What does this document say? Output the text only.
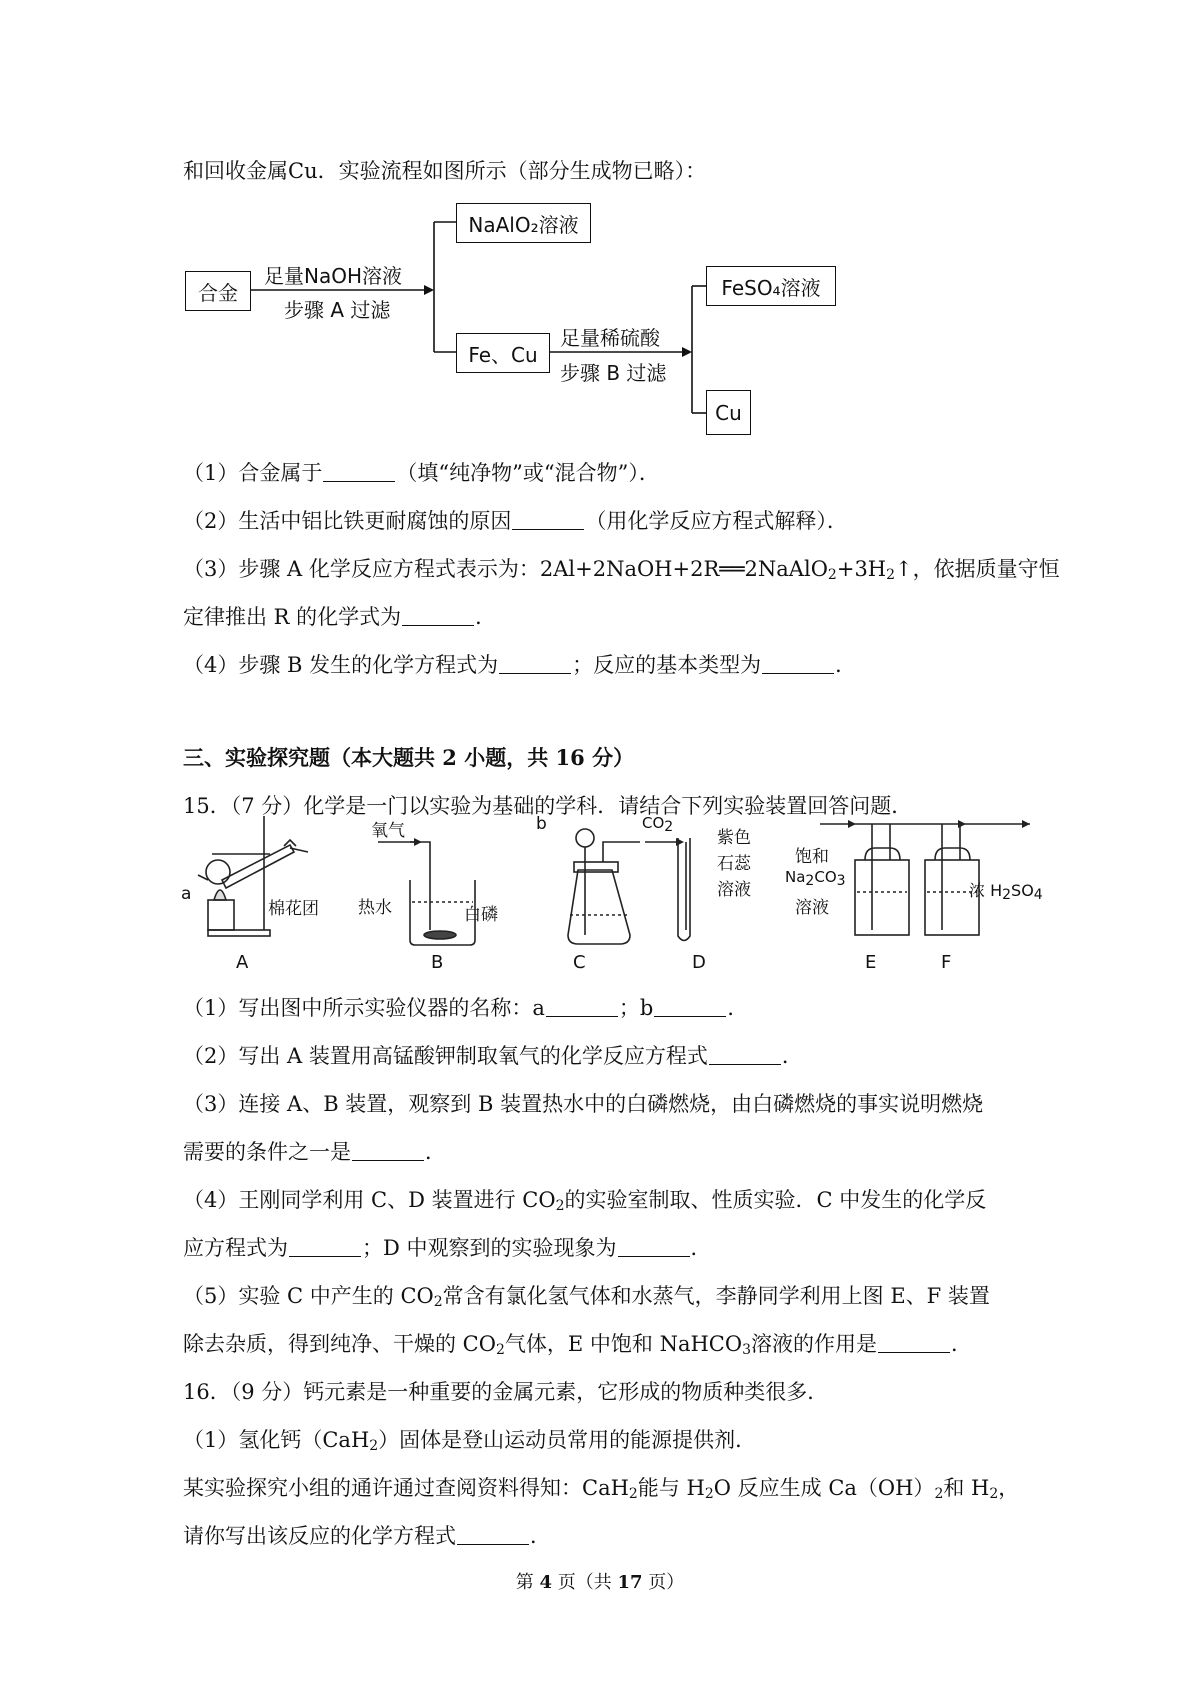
和回收金属Cu．实验流程如图所示（部分生成物已略）：
合金
足量NaOH溶液
步骤 A 过滤
NaAlO₂溶液
Fe、Cu
足量稀硫酸
步骤 B 过滤
FeSO₄溶液
Cu
（1）合金属于	（填“纯净物”或“混合物”）．
（2）生活中铝比铁更耐腐蚀的原因	（用化学反应方程式解释）．
（3）步骤 A 化学反应方程式表示为：$2Al+2NaOH+2R══2NaAlO_2+3H_2↑$，依据质量守恒
定律推出 R 的化学式为	．
（4）步骤 B 发生的化学方程式为	；反应的基本类型为	．
三、实验探究题（本大题共 2 小题，共 16 分）
15．（7 分）化学是一门以实验为基础的学科．请结合下列实验装置回答问题．
a
棉花团
氧气
热水	白磷
b	$CO_2$
紫色
石蕊
溶液
饱和
$Na_2CO_3$
溶液
浓 $H_2SO_4$
A	B	C	D	E	F
（1）写出图中所示实验仪器的名称：a	；b	．
（2）写出 A 装置用高锰酸钾制取氧气的化学反应方程式	．
（3）连接 A、B 装置，观察到 B 装置热水中的白磷燃烧，由白磷燃烧的事实说明燃烧
需要的条件之一是	．
（4）王刚同学利用 C、D 装置进行 $CO_2$的实验室制取、性质实验．C 中发生的化学反
应方程式为	；D 中观察到的实验现象为	．
（5）实验 C 中产生的 $CO_2$常含有氯化氢气体和水蒸气，李静同学利用上图 E、F 装置
除去杂质，得到纯净、干燥的 $CO_2$气体，E 中饱和 NaHCO$_3$溶液的作用是	．
16．（9 分）钙元素是一种重要的金属元素，它形成的物质种类很多．
（1）氢化钙（CaH$_2$）固体是登山运动员常用的能源提供剂．
某实验探究小组的通许通过查阅资料得知：CaH$_2$能与 $H_2O$ 反应生成 $Ca(OH)_2$和 $H_2$，
请你写出该反应的化学方程式	．
第 4 页（共 17 页）
